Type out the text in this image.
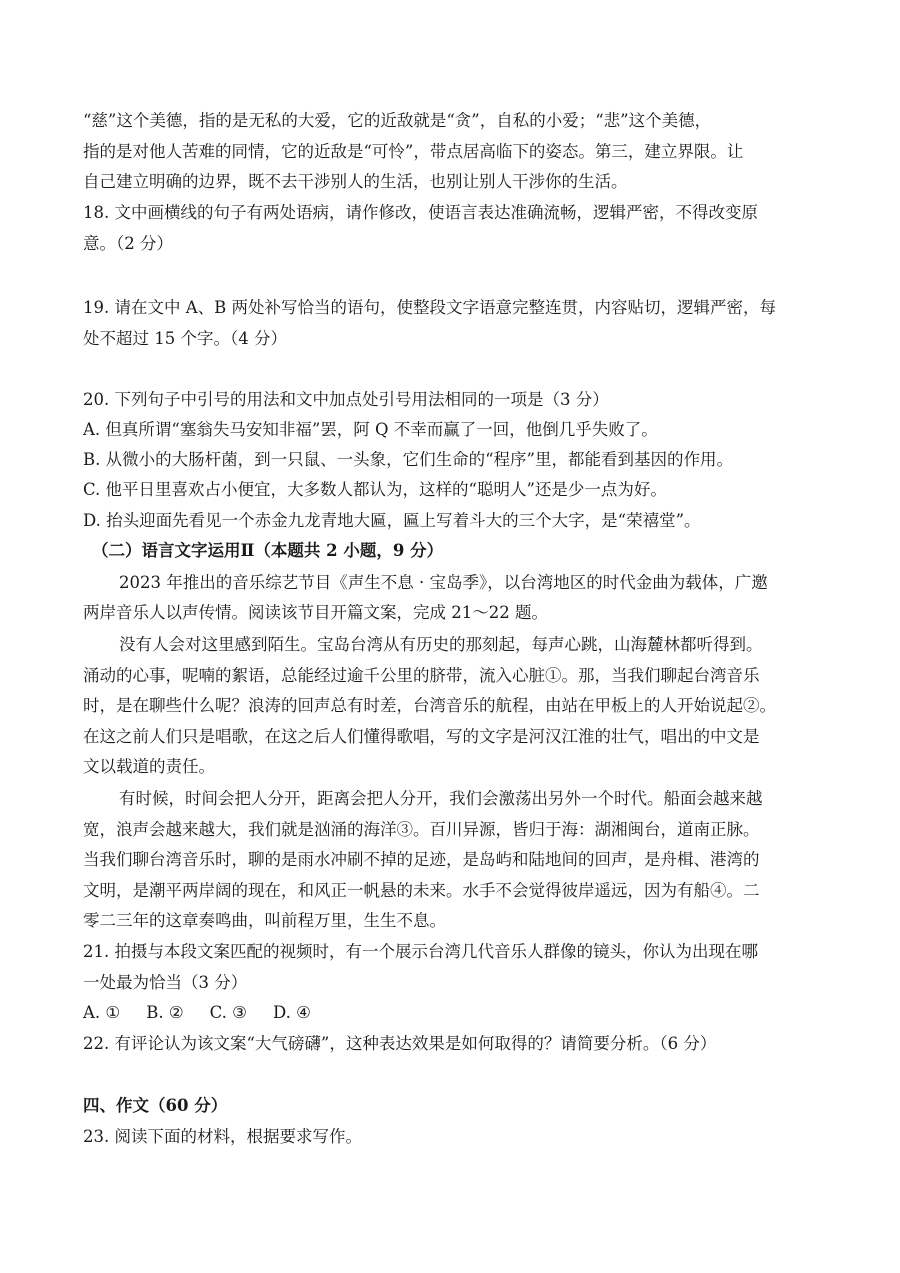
“慈”这个美德，指的是无私的大爱，它的近敌就是“贪”，自私的小爱；“悲”这个美德，
指的是对他人苦难的同情，它的近敌是“可怜”，带点居高临下的姿态。第三，建立界限。让
自己建立明确的边界，既不去干涉别人的生活，也别让别人干涉你的生活。
18. 文中画横线的句子有两处语病，请作修改，使语言表达准确流畅，逻辑严密，不得改变原
意。（2 分）
19. 请在文中 A、B 两处补写恰当的语句，使整段文字语意完整连贯，内容贴切，逻辑严密，每
处不超过 15 个字。（4 分）
20. 下列句子中引号的用法和文中加点处引号用法相同的一项是（3 分）
A. 但真所谓“塞翁失马安知非福”罢，阿 Q 不幸而赢了一回，他倒几乎失败了。
B. 从微小的大肠杆菌，到一只鼠、一头象，它们生命的“程序”里，都能看到基因的作用。
C. 他平日里喜欢占小便宜，大多数人都认为，这样的“聪明人”还是少一点为好。
D. 抬头迎面先看见一个赤金九龙青地大匾，匾上写着斗大的三个大字，是“荣禧堂”。
（二）语言文字运用Ⅱ（本题共 2 小题，9 分）
2023 年推出的音乐综艺节目《声生不息 · 宝岛季》，以台湾地区的时代金曲为载体，广邀
两岸音乐人以声传情。阅读该节目开篇文案，完成 21～22 题。
没有人会对这里感到陌生。宝岛台湾从有历史的那刻起，每声心跳，山海麓林都听得到。
涌动的心事，呢喃的絮语，总能经过逾千公里的脐带，流入心脏①。那，当我们聊起台湾音乐
时，是在聊些什么呢？浪涛的回声总有时差，台湾音乐的航程，由站在甲板上的人开始说起②。
在这之前人们只是唱歌，在这之后人们懂得歌唱，写的文字是河汉江淮的壮气，唱出的中文是
文以载道的责任。
有时候，时间会把人分开，距离会把人分开，我们会激荡出另外一个时代。船面会越来越
宽，浪声会越来越大，我们就是汹涌的海洋③。百川异源，皆归于海：湖湘闽台，道南正脉。
当我们聊台湾音乐时，聊的是雨水冲刷不掉的足迹，是岛屿和陆地间的回声，是舟楫、港湾的
文明，是潮平两岸阔的现在，和风正一帆悬的未来。水手不会觉得彼岸遥远，因为有船④。二
零二三年的这章奏鸣曲，叫前程万里，生生不息。
21. 拍摄与本段文案匹配的视频时，有一个展示台湾几代音乐人群像的镜头，你认为出现在哪
一处最为恰当（3 分）
A. ① B. ② C. ③ D. ④
22. 有评论认为该文案“大气磅礴”，这种表达效果是如何取得的？请简要分析。（6 分）
四、作文（60 分）
23. 阅读下面的材料，根据要求写作。
